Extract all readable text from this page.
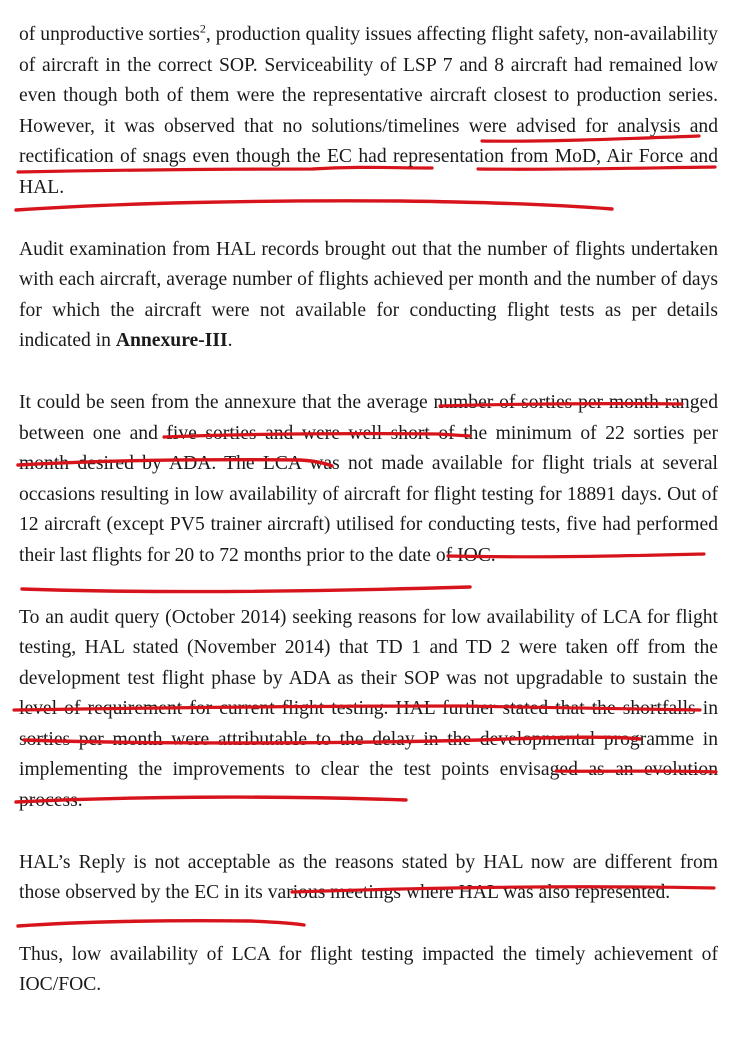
of unproductive sorties$^2$, production quality issues affecting flight safety, non-availability of aircraft in the correct SOP. Serviceability of LSP 7 and 8 aircraft had remained low even though both of them were the representative aircraft closest to production series. However, it was observed that no solutions/timelines were advised for analysis and rectification of snags even though the EC had representation from MoD, Air Force and HAL.

Audit examination from HAL records brought out that the number of flights undertaken with each aircraft, average number of flights achieved per month and the number of days for which the aircraft were not available for conducting flight tests as per details indicated in Annexure-III.

It could be seen from the annexure that the average number of sorties per month ranged between one and five sorties and were well short of the minimum of 22 sorties per month desired by ADA. The LCA was not made available for flight trials at several occasions resulting in low availability of aircraft for flight testing for 18891 days. Out of 12 aircraft (except PV5 trainer aircraft) utilised for conducting tests, five had performed their last flights for 20 to 72 months prior to the date of IOC.

To an audit query (October 2014) seeking reasons for low availability of LCA for flight testing, HAL stated (November 2014) that TD 1 and TD 2 were taken off from the development test flight phase by ADA as their SOP was not upgradable to sustain the level of requirement for current flight testing. HAL further stated that the shortfalls in sorties per month were attributable to the delay in the developmental programme in implementing the improvements to clear the test points envisaged as an evolution process.

HAL’s Reply is not acceptable as the reasons stated by HAL now are different from those observed by the EC in its various meetings where HAL was also represented.

Thus, low availability of LCA for flight testing impacted the timely achievement of IOC/FOC.
